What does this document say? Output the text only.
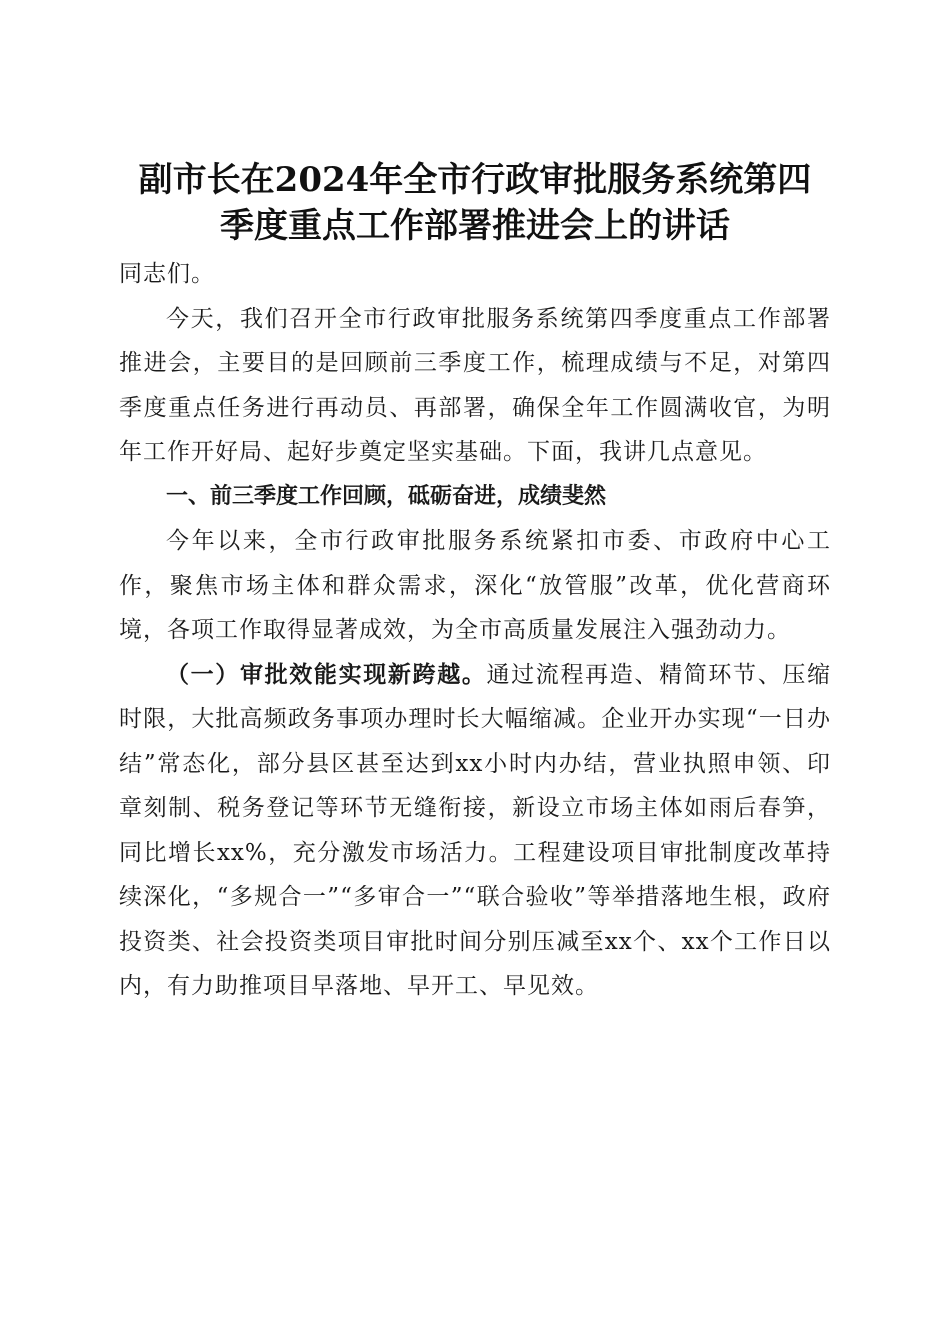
副市长在2024年全市行政审批服务系统第四
季度重点工作部署推进会上的讲话

同志们。

今天，我们召开全市行政审批服务系统第四季度重点工作部署推进会，主要目的是回顾前三季度工作，梳理成绩与不足，对第四季度重点任务进行再动员、再部署，确保全年工作圆满收官，为明年工作开好局、起好步奠定坚实基础。下面，我讲几点意见。

一、前三季度工作回顾，砥砺奋进，成绩斐然

今年以来，全市行政审批服务系统紧扣市委、市政府中心工作，聚焦市场主体和群众需求，深化“放管服”改革，优化营商环境，各项工作取得显著成效，为全市高质量发展注入强劲动力。

（一）审批效能实现新跨越。通过流程再造、精简环节、压缩时限，大批高频政务事项办理时长大幅缩减。企业开办实现“一日办结”常态化，部分县区甚至达到xx小时内办结，营业执照申领、印章刻制、税务登记等环节无缝衔接，新设立市场主体如雨后春笋，同比增长xx%，充分激发市场活力。工程建设项目审批制度改革持续深化，“多规合一”“多审合一”“联合验收”等举措落地生根，政府投资类、社会投资类项目审批时间分别压减至xx个、xx个工作日以内，有力助推项目早落地、早开工、早见效。
